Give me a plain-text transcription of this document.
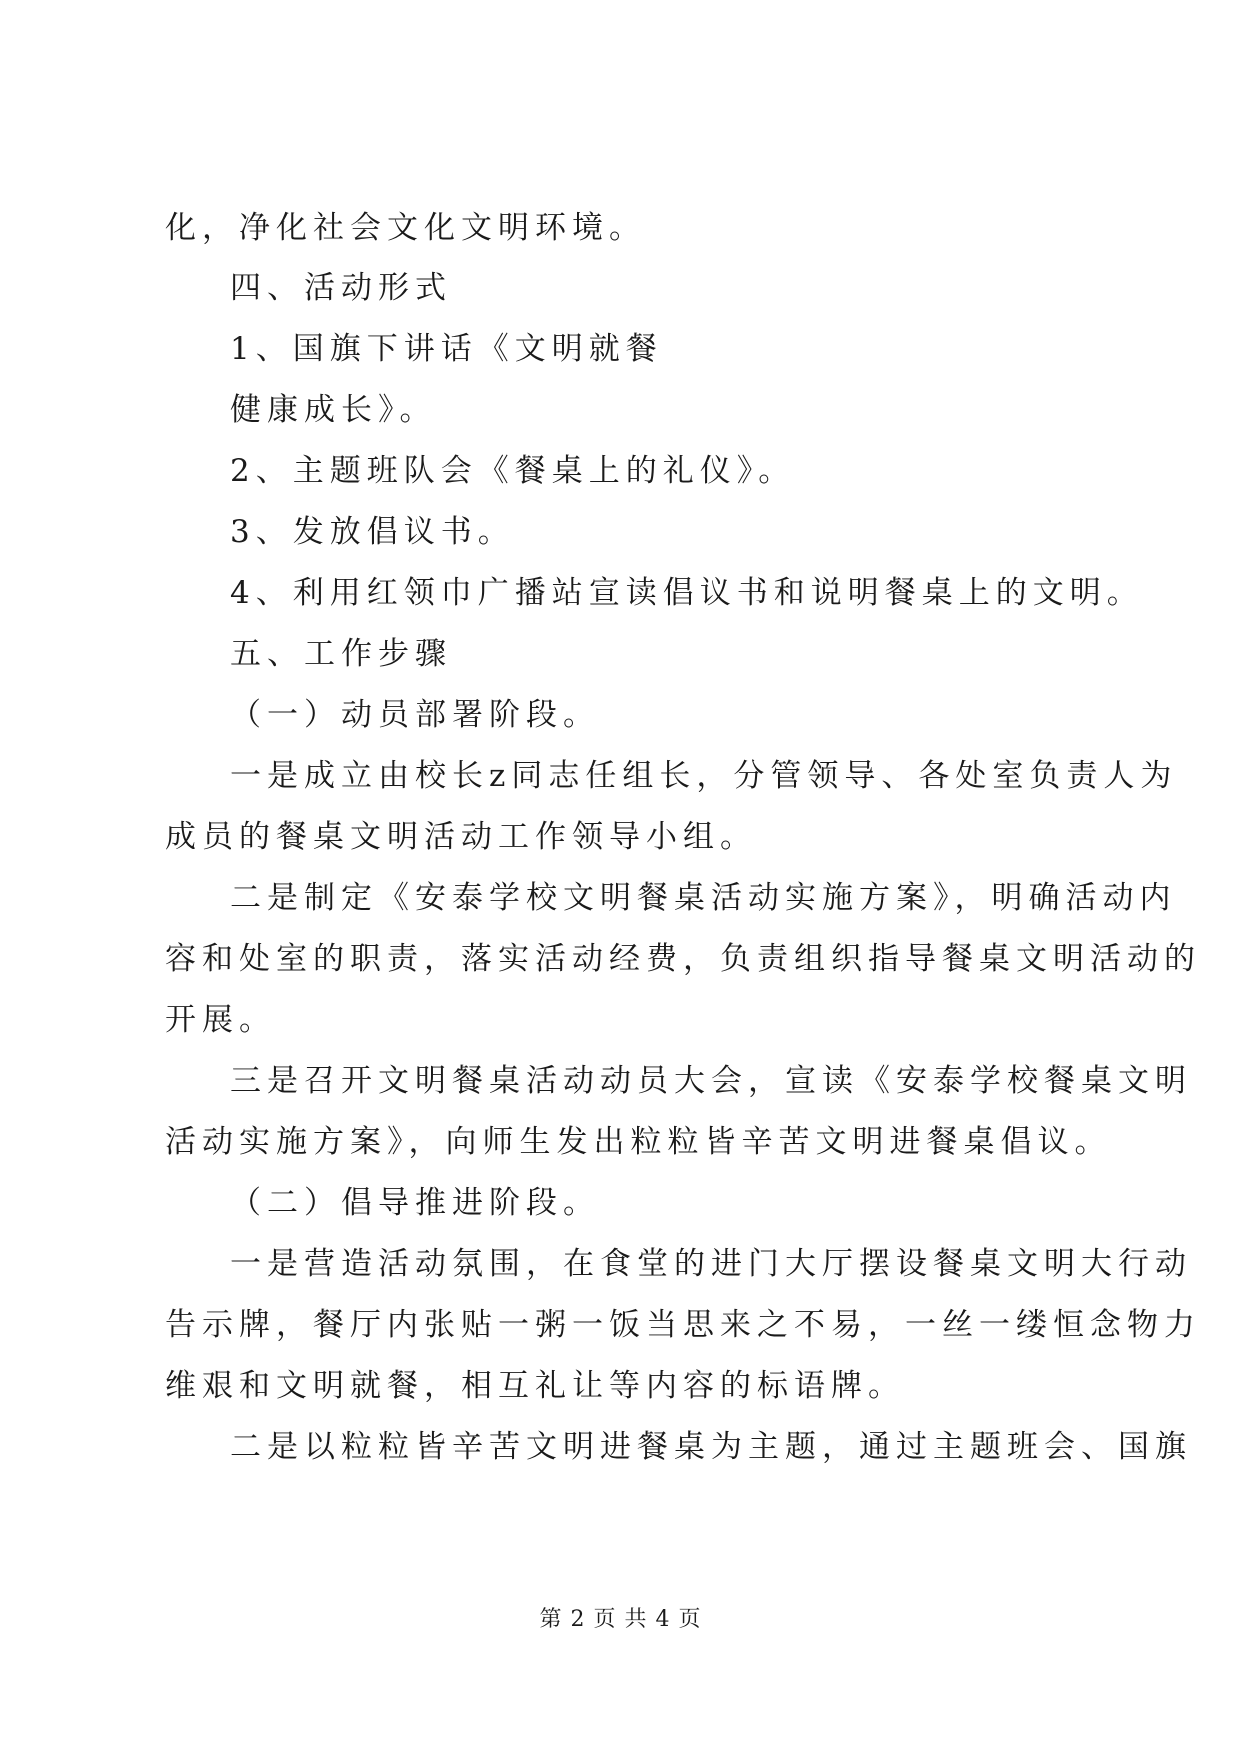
化，净化社会文化文明环境。
四、活动形式
1、国旗下讲话《文明就餐
健康成长》。
2、主题班队会《餐桌上的礼仪》。
3、发放倡议书。
4、利用红领巾广播站宣读倡议书和说明餐桌上的文明。
五、工作步骤
（一）动员部署阶段。
一是成立由校长z同志任组长，分管领导、各处室负责人为
成员的餐桌文明活动工作领导小组。
二是制定《安泰学校文明餐桌活动实施方案》，明确活动内
容和处室的职责，落实活动经费，负责组织指导餐桌文明活动的
开展。
三是召开文明餐桌活动动员大会，宣读《安泰学校餐桌文明
活动实施方案》，向师生发出粒粒皆辛苦文明进餐桌倡议。
（二）倡导推进阶段。
一是营造活动氛围，在食堂的进门大厅摆设餐桌文明大行动
告示牌，餐厅内张贴一粥一饭当思来之不易，一丝一缕恒念物力
维艰和文明就餐，相互礼让等内容的标语牌。
二是以粒粒皆辛苦文明进餐桌为主题，通过主题班会、国旗
第 2 页 共 4 页
